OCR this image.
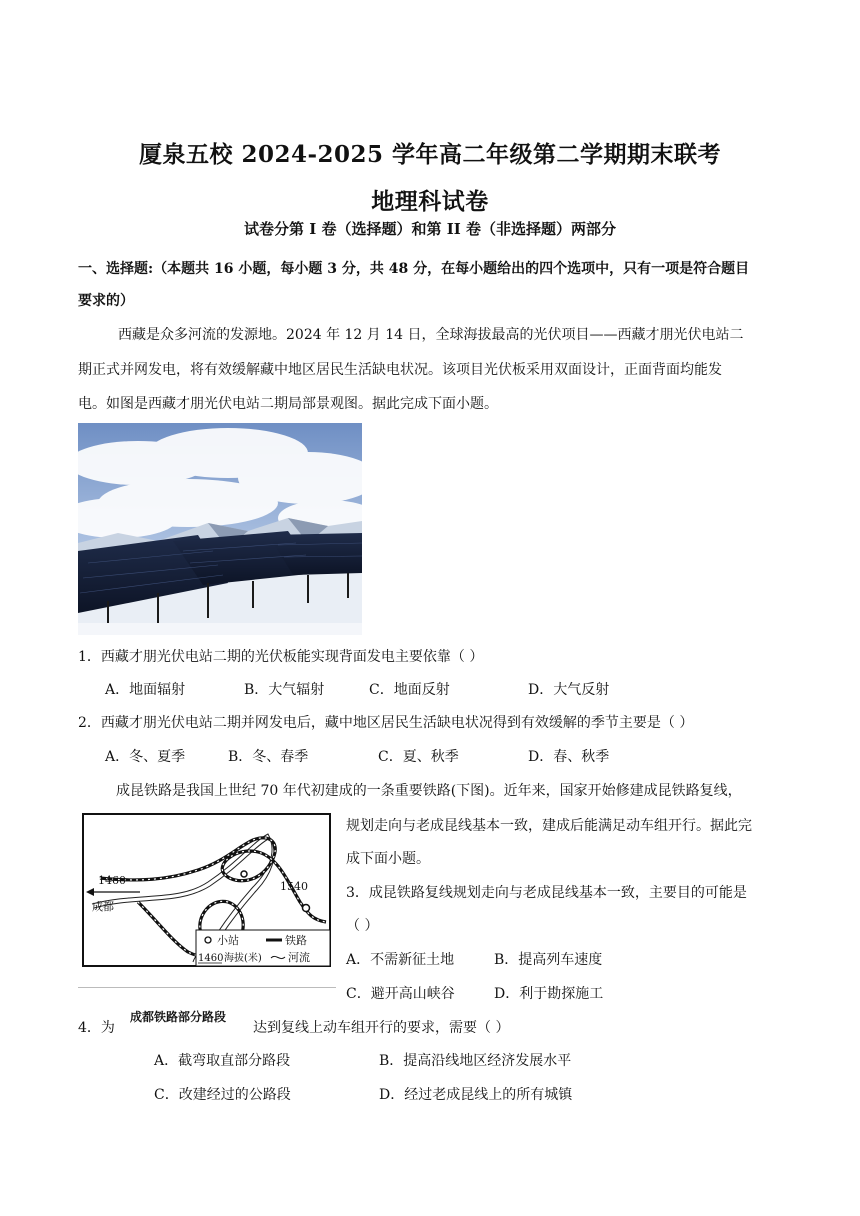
厦泉五校 2024-2025 学年高二年级第二学期期末联考
地理科试卷
试卷分第 I 卷（选择题）和第 II 卷（非选择题）两部分
一、选择题:（本题共 16 小题，每小题 3 分，共 48 分，在每小题给出的四个选项中，只有一项是符合题目
要求的）
西藏是众多河流的发源地。2024 年 12 月 14 日，全球海拔最高的光伏项目——西藏才朋光伏电站二
期正式并网发电，将有效缓解藏中地区居民生活缺电状况。该项目光伏板采用双面设计，正面背面均能发
电。如图是西藏才朋光伏电站二期局部景观图。据此完成下面小题。
1．西藏才朋光伏电站二期的光伏板能实现背面发电主要依靠（ ）
A．地面辐射	B．大气辐射	C．地面反射	D．大气反射
2．西藏才朋光伏电站二期并网发电后，藏中地区居民生活缺电状况得到有效缓解的季节主要是（ ）
A．冬、夏季	B．冬、春季	C．夏、秋季	D．春、秋季
成昆铁路是我国上世纪 70 年代初建成的一条重要铁路(下图)。近年来，国家开始修建成昆铁路复线，
规划走向与老成昆线基本一致，建成后能满足动车组开行。据此完
成下面小题。
1460	1540
成都
小站	铁路
1460 海拔(米) 河流
3．成昆铁路复线规划走向与老成昆线基本一致，主要目的可能是
（ ）
A．不需新征土地	B．提高列车速度
C．避开高山峡谷	D．利于勘探施工
4．为
成都铁路部分路段
达到复线上动车组开行的要求，需要（ ）
A．截弯取直部分路段	B．提高沿线地区经济发展水平
C．改建经过的公路段	D．经过老成昆线上的所有城镇
